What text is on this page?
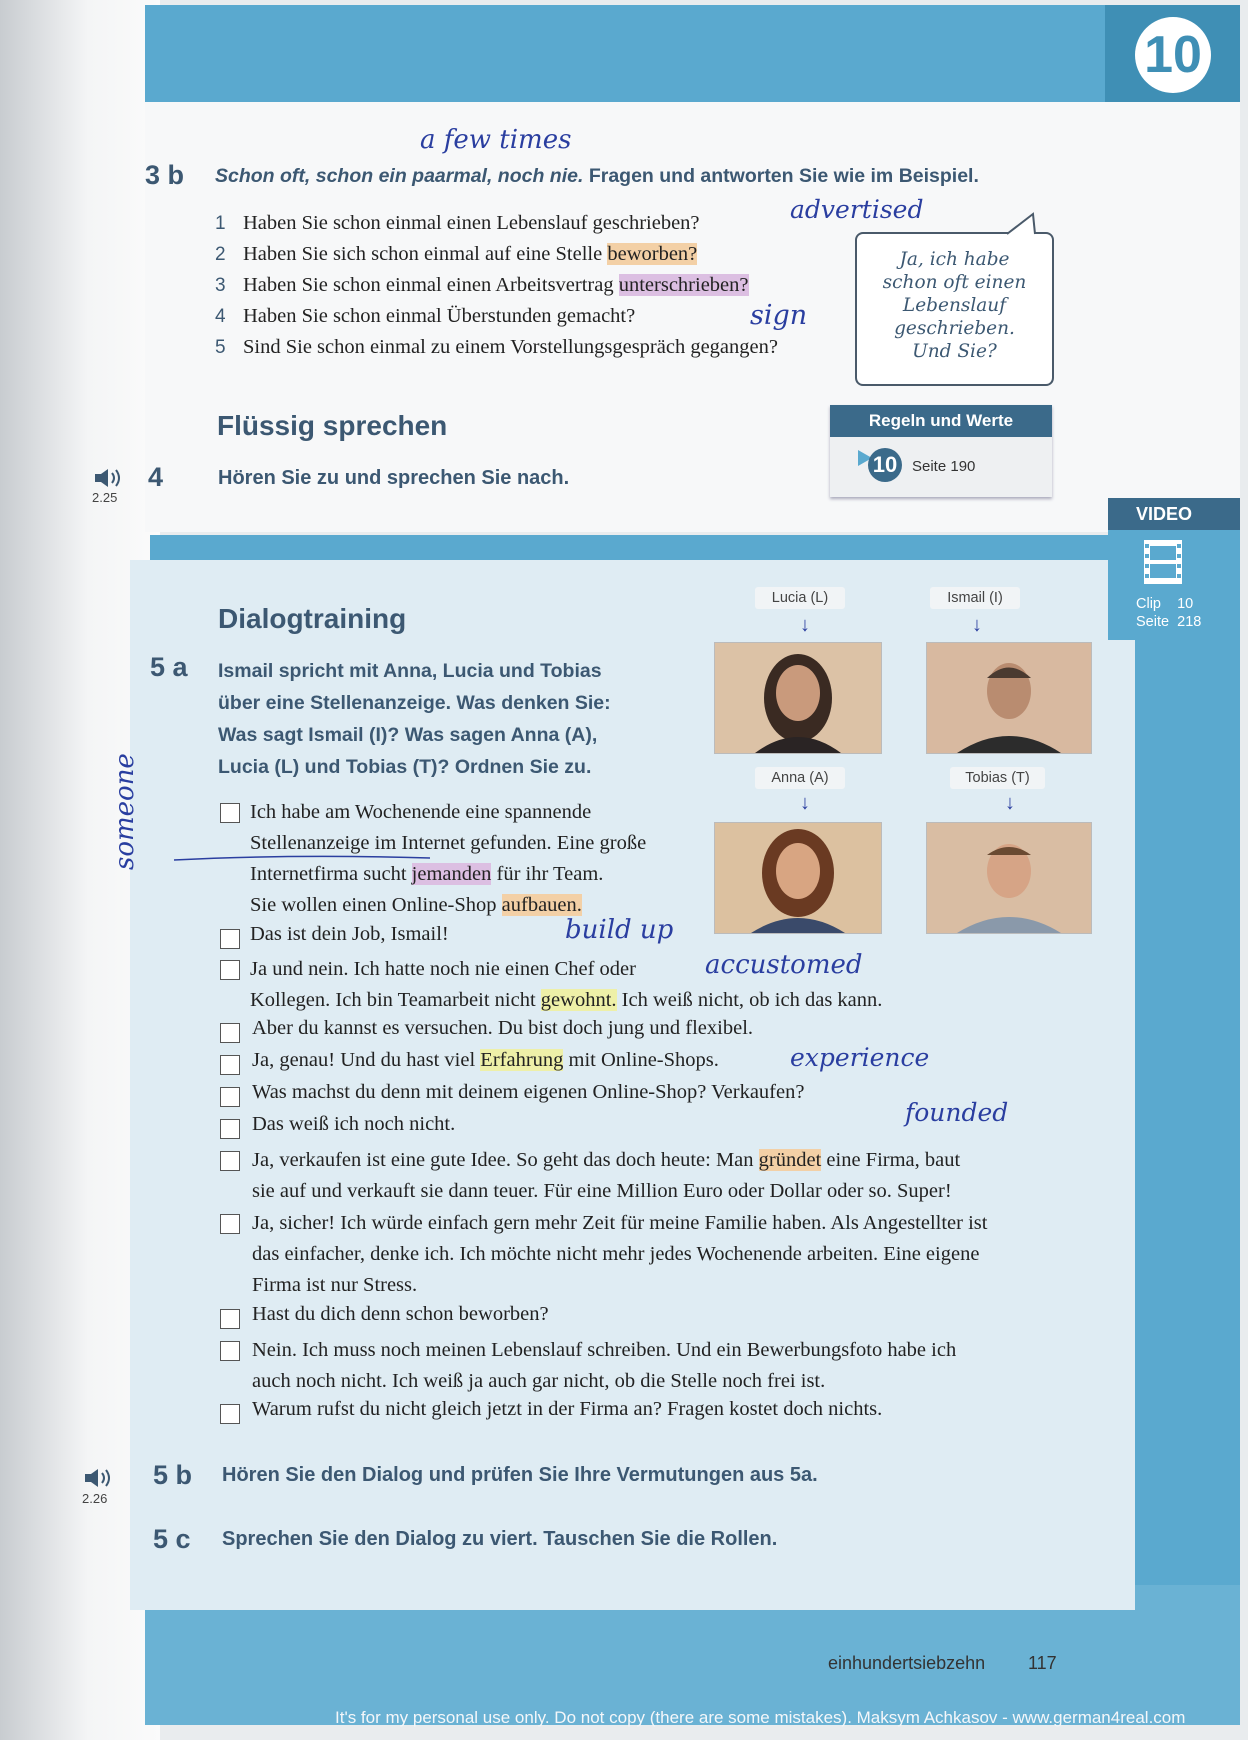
10
a few times
3 b Schon oft, schon ein paarmal, noch nie. Fragen und antworten Sie wie im Beispiel.
1 Haben Sie schon einmal einen Lebenslauf geschrieben?
2 Haben Sie sich schon einmal auf eine Stelle beworben?
3 Haben Sie schon einmal einen Arbeitsvertrag unterschrieben?
4 Haben Sie schon einmal Überstunden gemacht?
5 Sind Sie schon einmal zu einem Vorstellungsgespräch gegangen?
advertised
sign
Ja, ich habe
schon oft einen
Lebenslauf
geschrieben.
Und Sie?
Flüssig sprechen
2.25
4	Hören Sie zu und sprechen Sie nach.
Regeln und Werte
10 Seite 190
VIDEO
Clip 10
Seite 218
Dialogtraining
5 a Ismail spricht mit Anna, Lucia und Tobias
über eine Stellenanzeige. Was denken Sie:
Was sagt Ismail (I)? Was sagen Anna (A),
Lucia (L) und Tobias (T)? Ordnen Sie zu.
Lucia (L)
↓
Ismail (I)
↓
Anna (A)
↓
Tobias (T)
↓
someone	Ich habe am Wochenende eine spannende
Stellenanzeige im Internet gefunden. Eine große
Internetfirma sucht jemanden für ihr Team.
Sie wollen einen Online-Shop aufbauen.
Das ist dein Job, Ismail!	build up
Ja und nein. Ich hatte noch nie einen Chef oder
Kollegen. Ich bin Teamarbeit nicht gewohnt. Ich weiß nicht, ob ich das kann.
accustomed
Aber du kannst es versuchen. Du bist doch jung und flexibel.
Ja, genau! Und du hast viel Erfahrung mit Online-Shops.	experience
Was machst du denn mit deinem eigenen Online-Shop? Verkaufen?
founded
Das weiß ich noch nicht.
Ja, verkaufen ist eine gute Idee. So geht das doch heute: Man gründet eine Firma, baut
sie auf und verkauft sie dann teuer. Für eine Million Euro oder Dollar oder so. Super!
Ja, sicher! Ich würde einfach gern mehr Zeit für meine Familie haben. Als Angestellter ist
das einfacher, denke ich. Ich möchte nicht mehr jedes Wochenende arbeiten. Eine eigene
Firma ist nur Stress.
Hast du dich denn schon beworben?
Nein. Ich muss noch meinen Lebenslauf schreiben. Und ein Bewerbungsfoto habe ich
auch noch nicht. Ich weiß ja auch gar nicht, ob die Stelle noch frei ist.
Warum rufst du nicht gleich jetzt in der Firma an? Fragen kostet doch nichts.
2.26
5 b Hören Sie den Dialog und prüfen Sie Ihre Vermutungen aus 5a.
5 c Sprechen Sie den Dialog zu viert. Tauschen Sie die Rollen.
einhundertsiebzehn 117
It's for my personal use only. Do not copy (there are some mistakes). Maksym Achkasov - www.german4real.com
